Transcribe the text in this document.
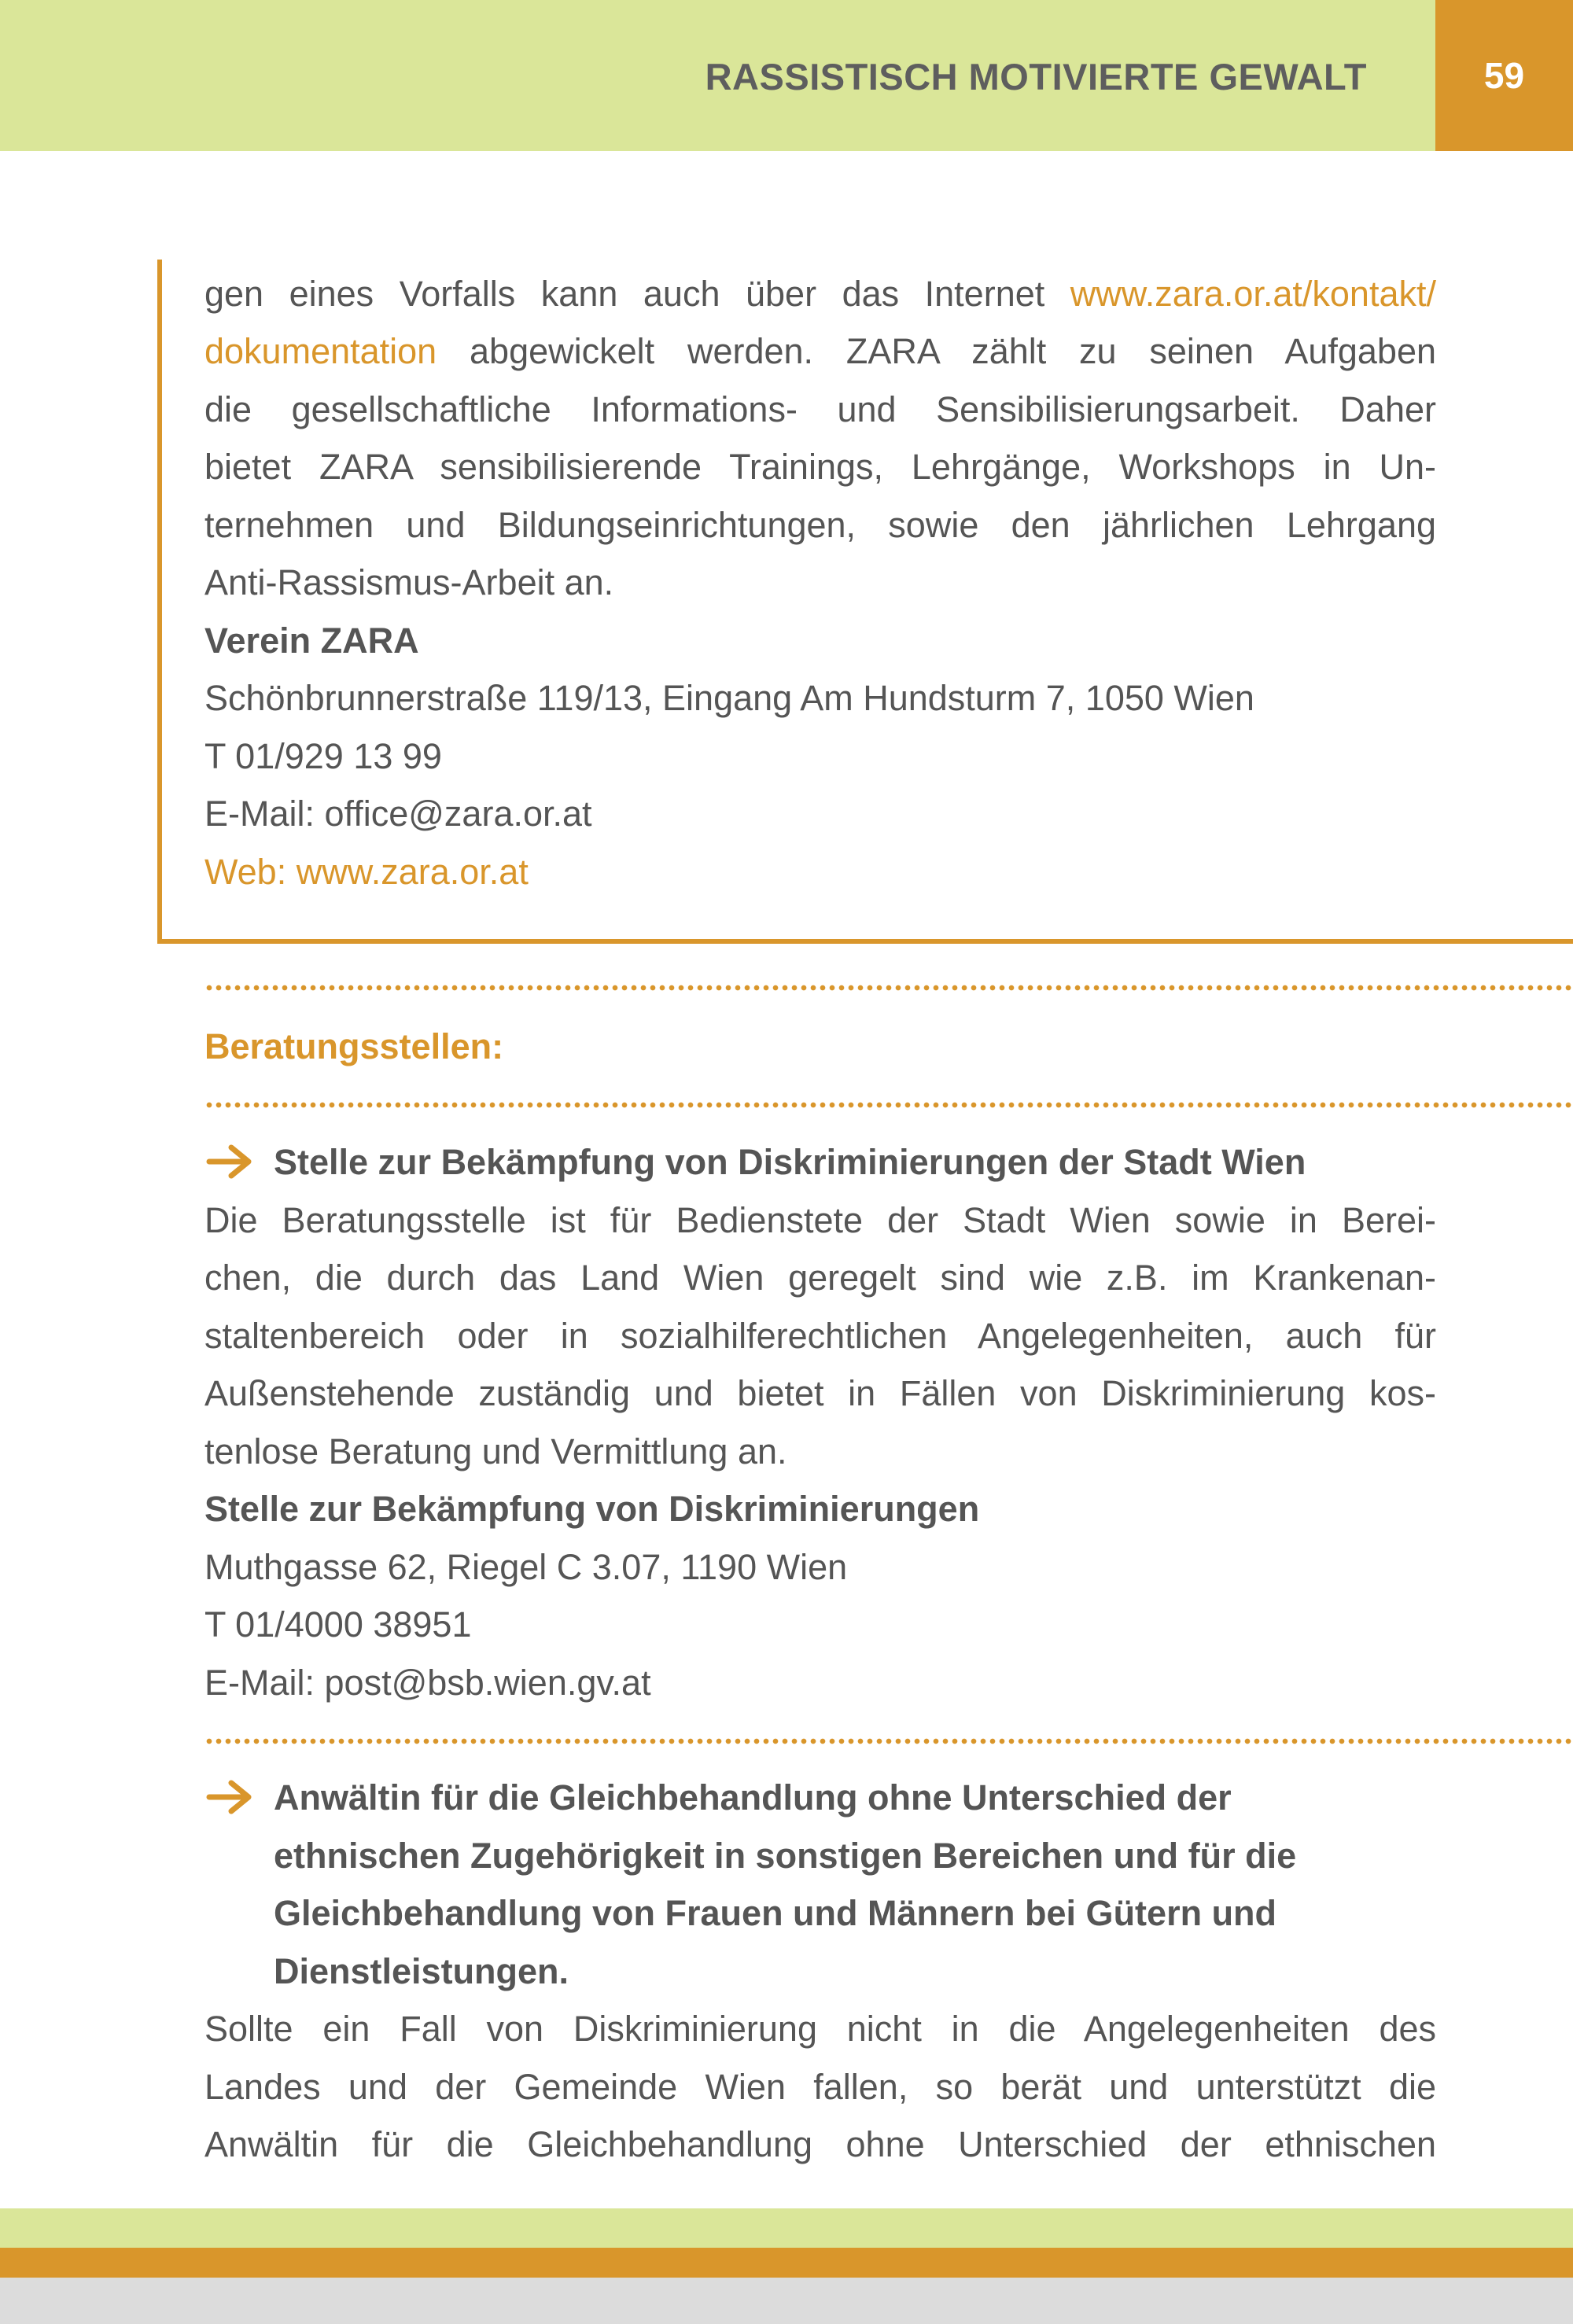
RASSISTISCH MOTIVIERTE GEWALT	59
gen eines Vorfalls kann auch über das Internet www.zara.or.at/kontakt/
dokumentation abgewickelt werden. ZARA zählt zu seinen Aufgaben
die gesellschaftliche Informations- und Sensibilisierungsarbeit. Daher
bietet ZARA sensibilisierende Trainings, Lehrgänge, Workshops in Un-
ternehmen und Bildungseinrichtungen, sowie den jährlichen Lehrgang
Anti-Rassismus-Arbeit an.
Verein ZARA
Schönbrunnerstraße 119/13, Eingang Am Hundsturm 7, 1050 Wien
T 01/929 13 99
E-Mail: office@zara.or.at
Web: www.zara.or.at
Beratungsstellen:
Stelle zur Bekämpfung von Diskriminierungen der Stadt Wien
Die Beratungsstelle ist für Bedienstete der Stadt Wien sowie in Berei-
chen, die durch das Land Wien geregelt sind wie z.B. im Krankenan-
staltenbereich oder in sozialhilferechtlichen Angelegenheiten, auch für
Außenstehende zuständig und bietet in Fällen von Diskriminierung kos-
tenlose Beratung und Vermittlung an.
Stelle zur Bekämpfung von Diskriminierungen
Muthgasse 62, Riegel C 3.07, 1190 Wien
T 01/4000 38951
E-Mail: post@bsb.wien.gv.at
Anwältin für die Gleichbehandlung ohne Unterschied der
ethnischen Zugehörigkeit in sonstigen Bereichen und für die
Gleichbehandlung von Frauen und Männern bei Gütern und
Dienstleistungen.
Sollte ein Fall von Diskriminierung nicht in die Angelegenheiten des
Landes und der Gemeinde Wien fallen, so berät und unterstützt die
Anwältin für die Gleichbehandlung ohne Unterschied der ethnischen
